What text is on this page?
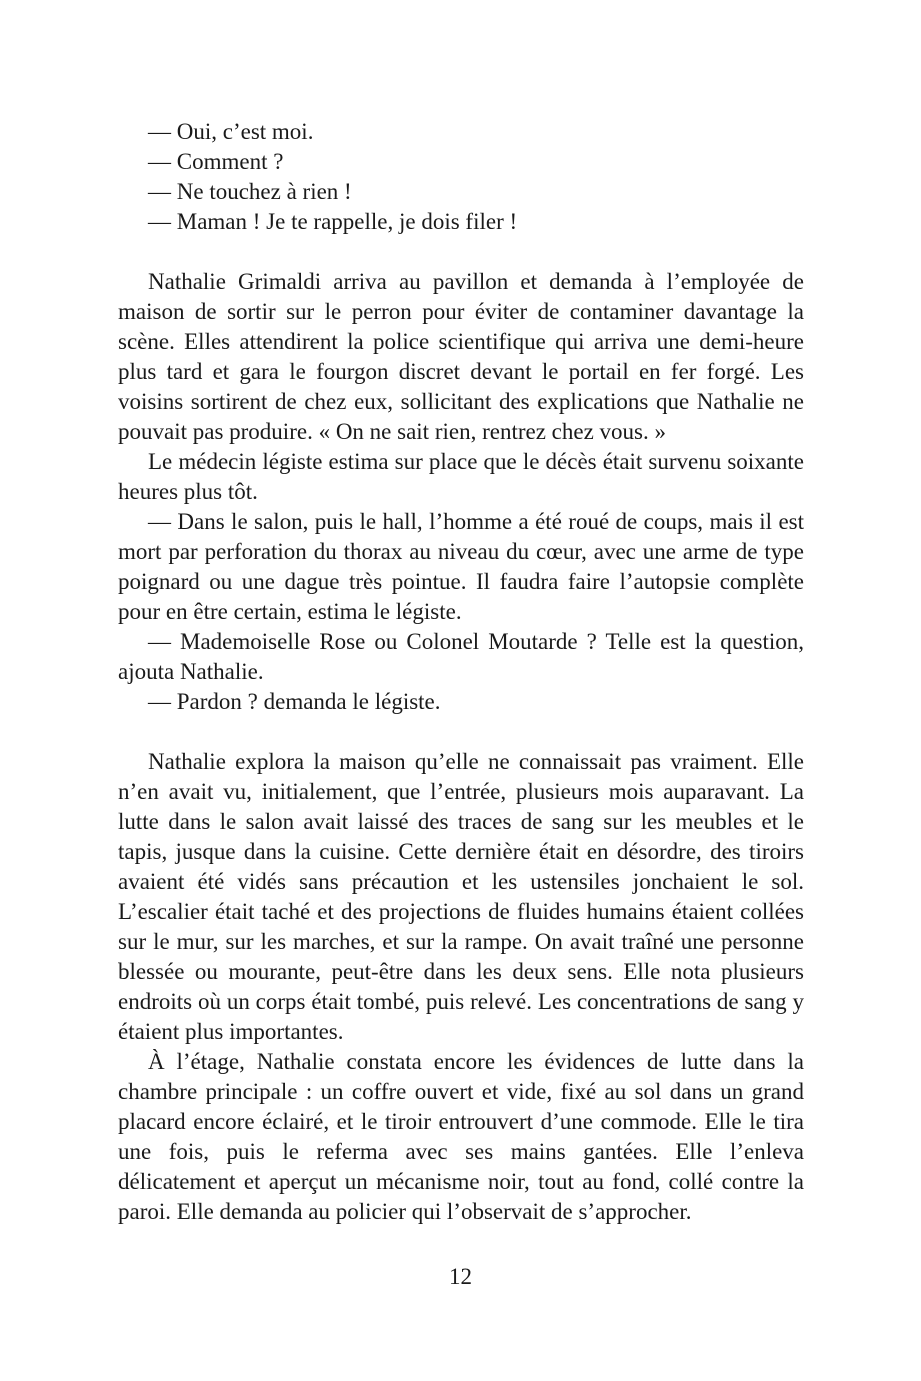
— Oui, c’est moi.

— Comment ?

— Ne touchez à rien !

— Maman ! Je te rappelle, je dois filer !

Nathalie Grimaldi arriva au pavillon et demanda à l’employée de maison de sortir sur le perron pour éviter de contaminer davantage la scène. Elles attendirent la police scientifique qui arriva une demi-heure plus tard et gara le fourgon discret devant le portail en fer forgé. Les voisins sortirent de chez eux, sollicitant des explications que Nathalie ne pouvait pas produire. « On ne sait rien, rentrez chez vous. »

Le médecin légiste estima sur place que le décès était survenu soixante heures plus tôt.

— Dans le salon, puis le hall, l’homme a été roué de coups, mais il est mort par perforation du thorax au niveau du cœur, avec une arme de type poignard ou une dague très pointue. Il faudra faire l’autopsie complète pour en être certain, estima le légiste.

— Mademoiselle Rose ou Colonel Moutarde ? Telle est la question, ajouta Nathalie.

— Pardon ? demanda le légiste.

Nathalie explora la maison qu’elle ne connaissait pas vraiment. Elle n’en avait vu, initialement, que l’entrée, plusieurs mois auparavant. La lutte dans le salon avait laissé des traces de sang sur les meubles et le tapis, jusque dans la cuisine. Cette dernière était en désordre, des tiroirs avaient été vidés sans précaution et les ustensiles jonchaient le sol. L’escalier était taché et des projections de fluides humains étaient collées sur le mur, sur les marches, et sur la rampe. On avait traîné une personne blessée ou mourante, peut-être dans les deux sens. Elle nota plusieurs endroits où un corps était tombé, puis relevé. Les concentrations de sang y étaient plus importantes.

À l’étage, Nathalie constata encore les évidences de lutte dans la chambre principale : un coffre ouvert et vide, fixé au sol dans un grand placard encore éclairé, et le tiroir entrouvert d’une commode. Elle le tira une fois, puis le referma avec ses mains gantées. Elle l’enleva délicatement et aperçut un mécanisme noir, tout au fond, collé contre la paroi. Elle demanda au policier qui l’observait de s’approcher.

12
